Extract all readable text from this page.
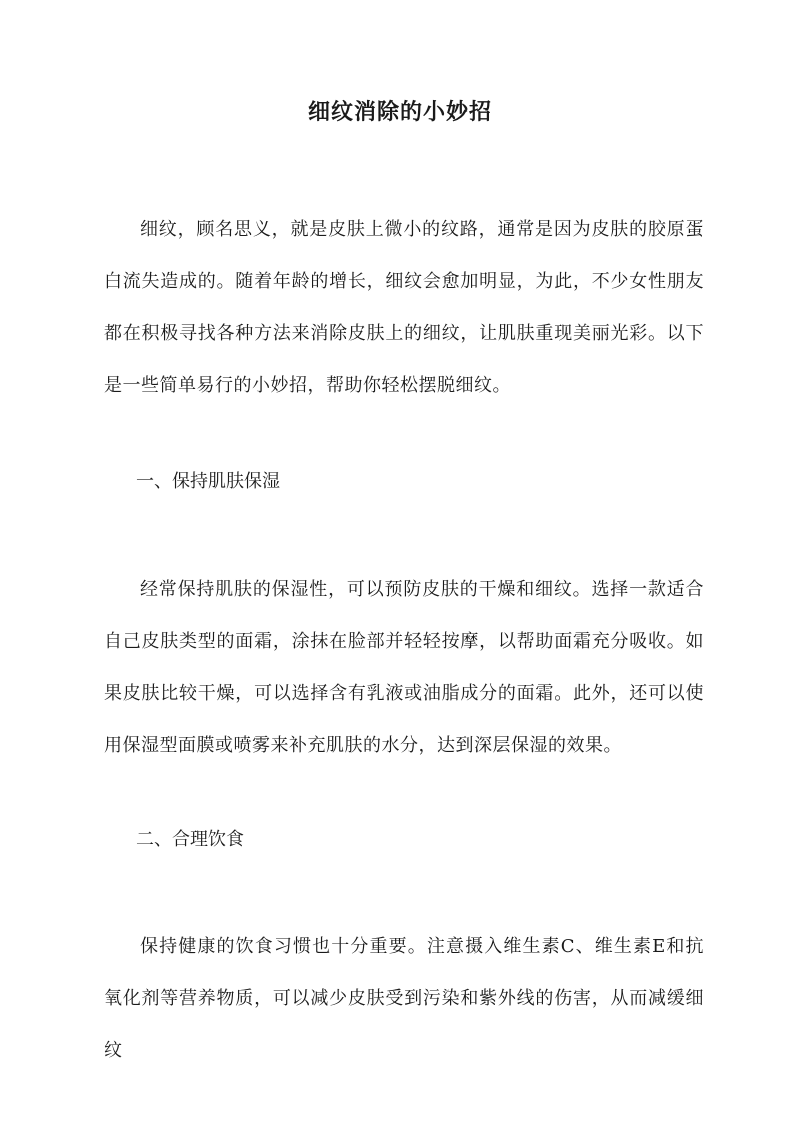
细纹消除的小妙招

细纹，顾名思义，就是皮肤上微小的纹路，通常是因为皮肤的胶原蛋白流失造成的。随着年龄的增长，细纹会愈加明显，为此，不少女性朋友都在积极寻找各种方法来消除皮肤上的细纹，让肌肤重现美丽光彩。以下是一些简单易行的小妙招，帮助你轻松摆脱细纹。

一、保持肌肤保湿

经常保持肌肤的保湿性，可以预防皮肤的干燥和细纹。选择一款适合自己皮肤类型的面霜，涂抹在脸部并轻轻按摩，以帮助面霜充分吸收。如果皮肤比较干燥，可以选择含有乳液或油脂成分的面霜。此外，还可以使用保湿型面膜或喷雾来补充肌肤的水分，达到深层保湿的效果。

二、合理饮食

保持健康的饮食习惯也十分重要。注意摄入维生素C、维生素E和抗氧化剂等营养物质，可以减少皮肤受到污染和紫外线的伤害，从而减缓细纹
